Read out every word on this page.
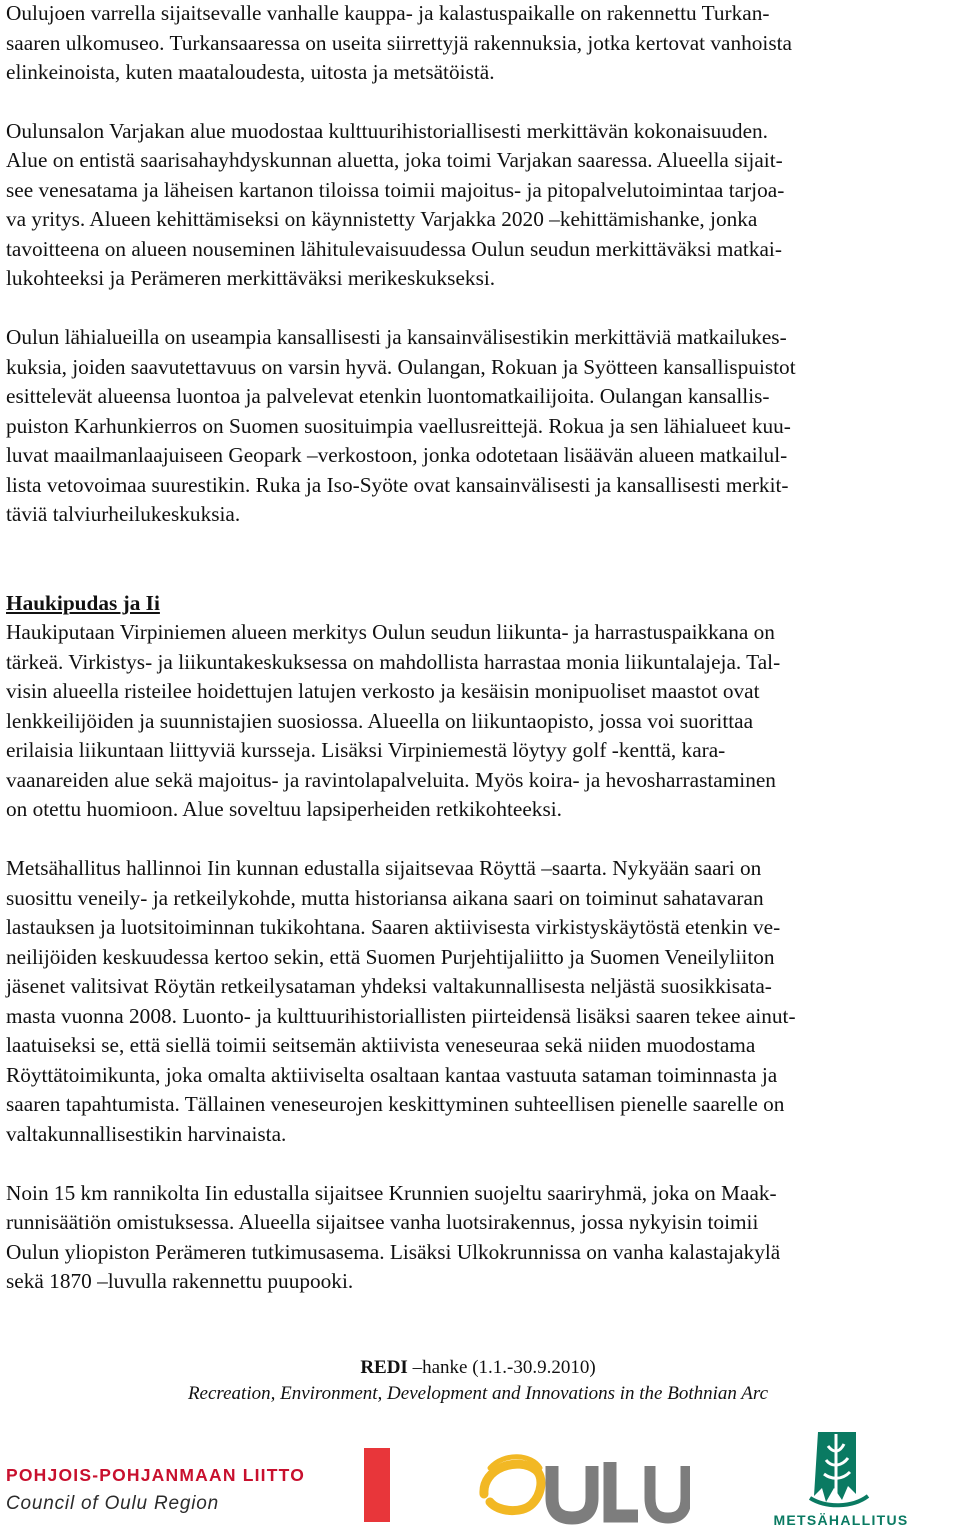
Oulujoen varrella sijaitsevalle vanhalle kauppa- ja kalastuspaikalle on rakennettu Turkan-
saaren ulkomuseo. Turkansaaressa on useita siirrettyjä rakennuksia, jotka kertovat vanhoista
elinkeinoista, kuten maataloudesta, uitosta ja metsätöistä.
Oulunsalon Varjakan alue muodostaa kulttuurihistoriallisesti merkittävän kokonaisuuden.
Alue on entistä saarisahayhdyskunnan aluetta, joka toimi Varjakan saaressa. Alueella sijait-
see venesatama ja läheisen kartanon tiloissa toimii majoitus- ja pitopalvelutoimintaa tarjoa-
va yritys. Alueen kehittämiseksi on käynnistetty Varjakka 2020 –kehittämishanke, jonka
tavoitteena on alueen nouseminen lähitulevaisuudessa Oulun seudun merkittäväksi matkai-
lukohteeksi ja Perämeren merkittäväksi merikeskukseksi.
Oulun lähialueilla on useampia kansallisesti ja kansainvälisestikin merkittäviä matkailukes-
kuksia, joiden saavutettavuus on varsin hyvä. Oulangan, Rokuan ja Syötteen kansallispuistot
esittelevät alueensa luontoa ja palvelevat etenkin luontomatkailijoita. Oulangan kansallis-
puiston Karhunkierros on Suomen suosituimpia vaellusreittejä. Rokua ja sen lähialueet kuu-
luvat maailmanlaajuiseen Geopark –verkostoon, jonka odotetaan lisäävän alueen matkailul-
lista vetovoimaa suurestikin. Ruka ja Iso-Syöte ovat kansainvälisesti ja kansallisesti merkit-
täviä talviurheilukeskuksia.
Haukipudas ja Ii
Haukiputaan Virpiniemen alueen merkitys Oulun seudun liikunta- ja harrastuspaikkana on
tärkeä. Virkistys- ja liikuntakeskuksessa on mahdollista harrastaa monia liikuntalajeja. Tal-
visin alueella risteilee hoidettujen latujen verkosto ja kesäisin monipuoliset maastot ovat
lenkkeilijöiden ja suunnistajien suosiossa. Alueella on liikuntaopisto, jossa voi suorittaa
erilaisia liikuntaan liittyviä kursseja. Lisäksi Virpiniemestä löytyy golf -kenttä, kara-
vaanareiden alue sekä majoitus- ja ravintolapalveluita. Myös koira- ja hevosharrastaminen
on otettu huomioon. Alue soveltuu lapsiperheiden retkikohteeksi.
Metsähallitus hallinnoi Iin kunnan edustalla sijaitsevaa Röyttä –saarta. Nykyään saari on
suosittu veneily- ja retkeilykohde, mutta historiansa aikana saari on toiminut sahatavaran
lastauksen ja luotsitoiminnan tukikohtana. Saaren aktiivisesta virkistyskäytöstä etenkin ve-
neilijöiden keskuudessa kertoo sekin, että Suomen Purjehtijaliitto ja Suomen Veneilyliiton
jäsenet valitsivat Röytän retkeilysataman yhdeksi valtakunnallisesta neljästä suosikkisata-
masta vuonna 2008. Luonto- ja kulttuurihistoriallisten piirteidensä lisäksi saaren tekee ainut-
laatuiseksi se, että siellä toimii seitsemän aktiivista veneseuraa sekä niiden muodostama
Röyttätoimikunta, joka omalta aktiiviselta osaltaan kantaa vastuuta sataman toiminnasta ja
saaren tapahtumista. Tällainen veneseurojen keskittyminen suhteellisen pienelle saarelle on
valtakunnallisestikin harvinaista.
Noin 15 km rannikolta Iin edustalla sijaitsee Krunnien suojeltu saariryhmä, joka on Maak-
runnisäätiön omistuksessa. Alueella sijaitsee vanha luotsirakennus, jossa nykyisin toimii
Oulun yliopiston Perämeren tutkimusasema. Lisäksi Ulkokrunnissa on vanha kalastajakylä
sekä 1870 –luvulla rakennettu puupooki.
REDI –hanke (1.1.-30.9.2010)
Recreation, Environment, Development and Innovations in the Bothnian Arc
POHJOIS-POHJANMAAN LIITTO
Council of Oulu Region
OULU
METSÄHALLITUS
